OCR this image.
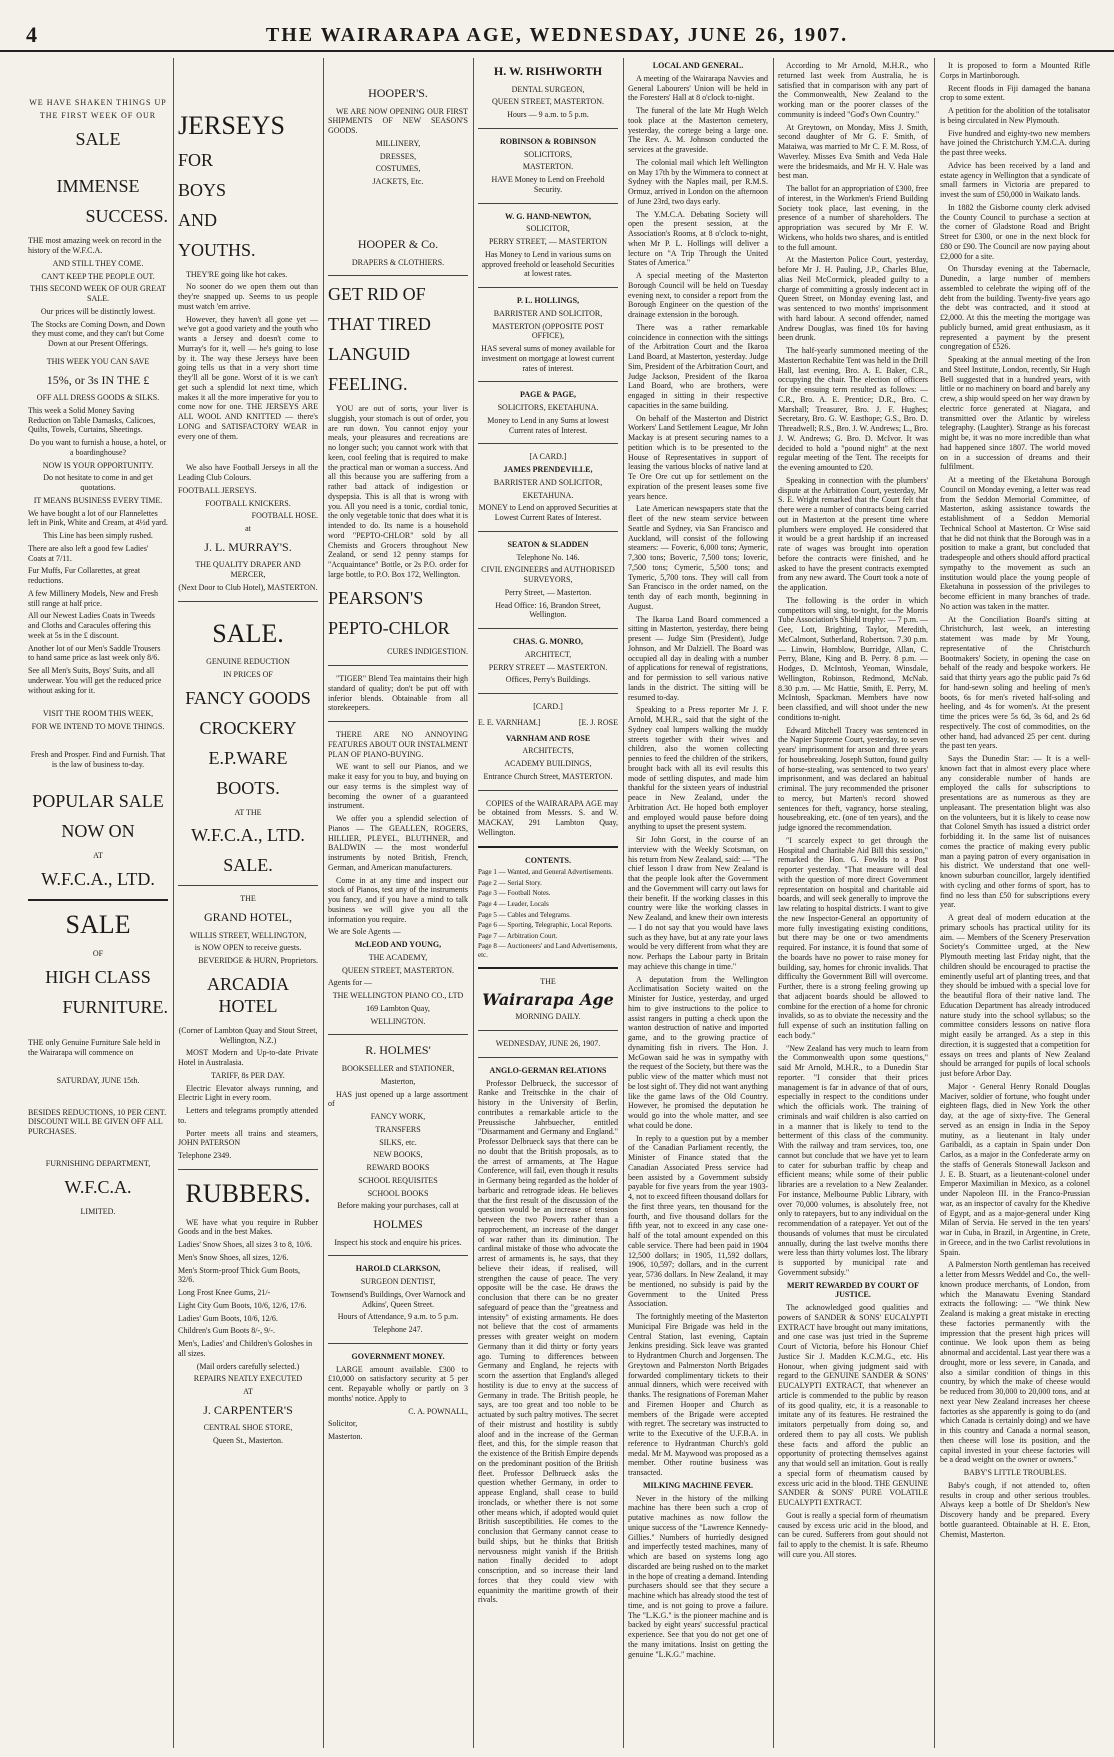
4	THE WAIRARAPA AGE, WEDNESDAY, JUNE 26, 1907.
WE HAVE SHAKEN THINGS UP
THE FIRST WEEK OF OUR
SALE
IMMENSE
SUCCESS.
THE most amazing week on record in the history of the W.F.C.A.
AND STILL THEY COME.
CAN'T KEEP THE PEOPLE OUT.
THIS SECOND WEEK OF OUR GREAT SALE.
Our prices will be distinctly lowest.
The Stocks are Coming Down, and Down they must come, and they can't but Come Down at our Present Offerings.
THIS WEEK YOU CAN SAVE
15%, or 3s IN THE £
OFF ALL DRESS GOODS & SILKS.
This week a Solid Money Saving Reduction on Table Damasks, Calicoes, Quilts, Towels, Curtains, Sheetings.
Do you want to furnish a house, a hotel, or a boardinghouse?
NOW IS YOUR OPPORTUNITY.
Do not hesitate to come in and get quotations.
IT MEANS BUSINESS EVERY TIME.
We have bought a lot of our Flannelettes left in Pink, White and Cream, at 4½d yard.
This Line has been simply rushed.
There are also left a good few Ladies' Coats at 7/11.
Fur Muffs, Fur Collarettes, at great reductions.
A few Millinery Models, New and Fresh still range at half price.
All our Newest Ladies Coats in Tweeds and Cloths and Caracules offering this week at 5s in the £ discount.
Another lot of our Men's Saddle Trousers to hand same price as last week only 8/6.
See all Men's Suits, Boys' Suits, and all underwear. You will get the reduced price without asking for it.
VISIT THE ROOM THIS WEEK,
FOR WE INTEND TO MOVE THINGS.
Fresh and Prosper. Find and Furnish. That is the law of business to-day.
POPULAR SALE
NOW ON
AT
W.F.C.A., LTD.
SALE
OF
HIGH CLASS
FURNITURE.
THE only Genuine Furniture Sale held in the Wairarapa will commence on
SATURDAY, JUNE 15th.
BESIDES REDUCTIONS, 10 PER CENT. DISCOUNT WILL BE GIVEN OFF ALL PURCHASES.
FURNISHING DEPARTMENT,
W.F.C.A.
LIMITED.
JERSEYS
FOR
BOYS
AND
YOUTHS.
THEY'RE going like hot cakes.
No sooner do we open them out than they're snapped up. Seems to us people must watch 'em arrive.
However, they haven't all gone yet — we've got a good variety and the youth who wants a Jersey and doesn't come to Murray's for it, well — he's going to lose by it. The way these Jerseys have been going tells us that in a very short time they'll all be gone. Worst of it is we can't get such a splendid lot next time, which makes it all the more imperative for you to come now for one. THE JERSEYS ARE ALL WOOL AND KNITTED — there's LONG and SATISFACTORY WEAR in every one of them.
We also have Football Jerseys in all the Leading Club Colours.
FOOTBALL JERSEYS.
FOOTBALL KNICKERS.
FOOTBALL HOSE.
at
J. L. MURRAY'S.
THE QUALITY DRAPER AND MERCER,
(Next Door to Club Hotel), MASTERTON.
SALE.
GENUINE REDUCTION
IN PRICES OF
FANCY GOODS
CROCKERY
E.P.WARE
BOOTS.
AT THE
W.F.C.A., LTD.
SALE.
THE
GRAND HOTEL,
WILLIS STREET, WELLINGTON,
is NOW OPEN to receive guests.
BEVERIDGE & HURN, Proprietors.
ARCADIA HOTEL
(Corner of Lambton Quay and Stout Street, Wellington, N.Z.)
MOST Modern and Up-to-date Private Hotel in Australasia.
TARIFF, 8s PER DAY.
Electric Elevator always running, and Electric Light in every room.
Letters and telegrams promptly attended to.
Porter meets all trains and steamers, JOHN PATERSON
Telephone 2349.
RUBBERS.
WE have what you require in Rubber Goods and in the best Makes.
Ladies' Snow Shoes, all sizes 3 to 8, 10/6.
Men's Snow Shoes, all sizes, 12/6.
Men's Storm-proof Thick Gum Boots, 32/6.
Long Frost Knee Gums, 21/-
Light City Gum Boots, 10/6, 12/6, 17/6.
Ladies' Gum Boots, 10/6, 12/6.
Children's Gum Boots 8/-, 9/-.
Men's, Ladies' and Children's Goloshes in all sizes.
(Mail orders carefully selected.)
REPAIRS NEATLY EXECUTED
AT
J. CARPENTER'S
CENTRAL SHOE STORE,
Queen St., Masterton.
HOOPER'S.
WE ARE NOW OPENING OUR FIRST SHIPMENTS OF NEW SEASON'S GOODS.
MILLINERY,
DRESSES,
COSTUMES,
JACKETS, Etc.
HOOPER & Co.
DRAPERS & CLOTHIERS.
GET RID OF
THAT TIRED
LANGUID
FEELING.
YOU are out of sorts, your liver is sluggish, your stomach is out of order, you are run down. You cannot enjoy your meals, your pleasures and recreations are no longer such; you cannot work with that keen, cool feeling that is required to make the practical man or woman a success. And all this because you are suffering from a rather bad attack of indigestion or dyspepsia. This is all that is wrong with you. All you need is a tonic, cordial tonic, the only vegetable tonic that does what it is intended to do. Its name is a household word "PEPTO-CHLOR" sold by all Chemists and Grocers throughout New Zealand, or send 12 penny stamps for "Acquaintance" Bottle, or 2s P.O. order for large bottle, to P.O. Box 172, Wellington.
PEARSON'S
PEPTO-CHLOR
CURES INDIGESTION.
"TIGER" Blend Tea maintains their high standard of quality; don't be put off with inferior blends. Obtainable from all storekeepers.
THERE ARE NO ANNOYING FEATURES ABOUT OUR INSTALMENT PLAN OF PIANO-BUYING.
WE want to sell our Pianos, and we make it easy for you to buy, and buying on our easy terms is the simplest way of becoming the owner of a guaranteed instrument.
We offer you a splendid selection of Pianos — The GEALLEN, ROGERS, HILLIER, PLEYEL, BLUTHNER, and BALDWIN — the most wonderful instruments by noted British, French, German, and American manufacturers.
Come in at any time and inspect our stock of Pianos, test any of the instruments you fancy, and if you have a mind to talk business we will give you all the information you require.
We are Sole Agents —
McLEOD AND YOUNG,
THE ACADEMY,
QUEEN STREET, MASTERTON.
Agents for —
THE WELLINGTON PIANO CO., LTD
169 Lambton Quay,
WELLINGTON.
R. HOLMES'
BOOKSELLER and STATIONER,
Masterton,
HAS just opened up a large assortment of
FANCY WORK,
TRANSFERS
SILKS, etc.
NEW BOOKS,
REWARD BOOKS
SCHOOL REQUISITES
SCHOOL BOOKS
Before making your purchases, call at
HOLMES
Inspect his stock and enquire his prices.
HAROLD CLARKSON,
SURGEON DENTIST,
Townsend's Buildings, Over Warnock and Adkins', Queen Street.
Hours of Attendance, 9 a.m. to 5 p.m.
Telephone 247.
GOVERNMENT MONEY.
LARGE amount available. £300 to £10,000 on satisfactory security at 5 per cent. Repayable wholly or partly on 3 months' notice. Apply to
C. A. POWNALL,
Solicitor,
Masterton.
H. W. RISHWORTH
DENTAL SURGEON,
QUEEN STREET, MASTERTON.
Hours — 9 a.m. to 5 p.m.
ROBINSON & ROBINSON
SOLICITORS,
MASTERTON.
HAVE Money to Lend on Freehold Security.
W. G. HAND-NEWTON,
SOLICITOR,
PERRY STREET, — MASTERTON
Has Money to Lend in various sums on approved freehold or leasehold Securities at lowest rates.
P. L. HOLLINGS,
BARRISTER AND SOLICITOR,
MASTERTON (OPPOSITE POST OFFICE),
HAS several sums of money available for investment on mortgage at lowest current rates of interest.
PAGE & PAGE,
SOLICITORS, EKETAHUNA.
Money to Lend in any Sums at lowest Current rates of Interest.
[A CARD.]
JAMES PRENDEVILLE,
BARRISTER AND SOLICITOR,
EKETAHUNA.
MONEY to Lend on approved Securities at Lowest Current Rates of Interest.
SEATON & SLADDEN
Telephone No. 146.
CIVIL ENGINEERS and AUTHORISED SURVEYORS,
Perry Street, — Masterton.
Head Office: 16, Brandon Street, Wellington.
CHAS. G. MONRO,
ARCHITECT,
PERRY STREET — MASTERTON.
Offices, Perry's Buildings.
[CARD.]
E. E. VARNHAM.]	[E. J. ROSE
VARNHAM AND ROSE
ARCHITECTS,
ACADEMY BUILDINGS,
Entrance Church Street, MASTERTON.
COPIES of the WAIRARAPA AGE may be obtained from Messrs. S. and W. MACKAY, 291 Lambton Quay, Wellington.
CONTENTS.
Page 1 — Wanted, and General Advertisements.
Page 2 — Serial Story.
Page 3 — Football Notes.
Page 4 — Leader, Locals
Page 5 — Cables and Telegrams.
Page 6 — Sporting, Telegraphic, Local Reports.
Page 7 — Arbitration Court.
Page 8 — Auctioneers' and Land Advertisements, etc.
THE
Wairarapa Age
MORNING DAILY.
WEDNESDAY, JUNE 26, 1907.
ANGLO-GERMAN RELATIONS
Professor Delbrueck, the successor of Ranke and Treitschke in the chair of history in the University of Berlin, contributes a remarkable article to the Preussische Jahrbuecher, entitled "Disarmament and Germany and England." Professor Delbrueck says that there can be no doubt that the British proposals, as to the arrest of armaments, at The Hague Conference, will fail, even though it results in Germany being regarded as the holder of barbaric and retrograde ideas. He believes that the first result of the discussion of the question would be an increase of tension between the two Powers rather than a rapprochement, an increase of the danger of war rather than its diminution. The cardinal mistake of those who advocate the arrest of armaments is, he says, that they believe their ideas, if realised, will strengthen the cause of peace. The very opposite will be the case. He draws the conclusion that there can be no greater safeguard of peace than the "greatness and intensity" of existing armaments. He does not believe that the cost of armaments presses with greater weight on modern Germany than it did thirty or forty years ago. Turning to differences between Germany and England, he rejects with scorn the assertion that England's alleged hostility is due to envy at the success of Germany in trade. The British people, he says, are too great and too noble to be actuated by such paltry motives. The secret of their mistrust and hostility is subtly aloof and in the increase of the German fleet, and this, for the simple reason that the existence of the British Empire depends on the predominant position of the British fleet. Professor Delbrueck asks the question whether Germany, in order to appease England, shall cease to build ironclads, or whether there is not some other means which, if adopted would quiet British susceptibilities. He comes to the conclusion that Germany cannot cease to build ships, but he thinks that British nervousness might vanish if the British nation finally decided to adopt conscription, and so increase their land forces that they could view with equanimity the maritime growth of their rivals.
LOCAL AND GENERAL.
A meeting of the Wairarapa Navvies and General Labourers' Union will be held in the Foresters' Hall at 8 o'clock to-night.
The funeral of the late Mr Hugh Welch took place at the Masterton cemetery, yesterday, the cortege being a large one. The Rev. A. M. Johnson conducted the services at the graveside.
The colonial mail which left Wellington on May 17th by the Wimmera to connect at Sydney with the Naples mail, per R.M.S. Ormuz, arrived in London on the afternoon of June 23rd, two days early.
The Y.M.C.A. Debating Society will open the present session, at the Association's Rooms, at 8 o'clock to-night, when Mr P. L. Hollings will deliver a lecture on "A Trip Through the United States of America."
A special meeting of the Masterton Borough Council will be held on Tuesday evening next, to consider a report from the Borough Engineer on the question of the drainage extension in the borough.
There was a rather remarkable coincidence in connection with the sittings of the Arbitration Court and the Ikaroa Land Board, at Masterton, yesterday. Judge Sim, President of the Arbitration Court, and Judge Jackson, President of the Ikaroa Land Board, who are brothers, were engaged in sitting in their respective capacities in the same building.
On behalf of the Masterton and District Workers' Land Settlement League, Mr John Mackay is at present securing names to a petition which is to be presented to the House of Representatives in support of leasing the various blocks of native land at Te Ore Ore cut up for settlement on the expiration of the present leases some five years hence.
Late American newspapers state that the fleet of the new steam service between Seattle and Sydney, via San Francisco and Auckland, will consist of the following steamers: — Foveric, 6,000 tons; Aymeric, 7,300 tons; Boveric, 7,500 tons; Ioveric, 7,500 tons; Cymeric, 5,500 tons; and Tymeric, 5,700 tons. They will call from San Francisco in the order named, on the tenth day of each month, beginning in August.
The Ikaroa Land Board commenced a sitting in Masterton, yesterday, there being present — Judge Sim (President), Judge Johnson, and Mr Dalziell. The Board was occupied all day in dealing with a number of applications for renewal of registrations, and for permission to sell various native lands in the district. The sitting will be resumed to-day.
Speaking to a Press reporter Mr J. F. Arnold, M.H.R., said that the sight of the Sydney coal lumpers walking the muddy streets together with their wives and children, also the women collecting pennies to feed the children of the strikers, brought back with all its evil results this mode of settling disputes, and made him thankful for the sixteen years of industrial peace in New Zealand, under the Arbitration Act. He hoped both employer and employed would pause before doing anything to upset the present system.
Sir John Gorst, in the course of an interview with the Weekly Scotsman, on his return from New Zealand, said: — "The chief lesson I draw from New Zealand is that the people look after the Government and the Government will carry out laws for their benefit. If the working classes in this country were like the working classes in New Zealand, and knew their own interests — I do not say that you would have laws such as they have, but at any rate your laws would be very different from what they are now. Perhaps the Labour party in Britain may achieve this change in time."
A deputation from the Wellington Acclimatisation Society waited on the Minister for Justice, yesterday, and urged him to give instructions to the police to assist rangers in putting a check upon the wanton destruction of native and imported game, and to the growing practice of dynamiting fish in rivers. The Hon. J. McGowan said he was in sympathy with the request of the Society, but there was the public view of the matter which must not be lost sight of. They did not want anything like the game laws of the Old Country. However, he promised the deputation he would go into the whole matter, and see what could be done.
In reply to a question put by a member of the Canadian Parliament recently, the Minister of Finance stated that the Canadian Associated Press service had been assisted by a Government subsidy payable for five years from the year 1903-4, not to exceed fifteen thousand dollars for the first three years, ten thousand for the fourth, and five thousand dollars for the fifth year, not to exceed in any case one-half of the total amount expended on this cable service. There had been paid in 1904 12,500 dollars; in 1905, 11,592 dollars, 1906, 10,597; dollars, and in the current year, 5736 dollars. In New Zealand, it may be mentioned, no subsidy is paid by the Government to the United Press Association.
The fortnightly meeting of the Masterton Municipal Fire Brigade was held in the Central Station, last evening, Captain Jenkins presiding. Sick leave was granted to Hydrantmen Church and Jorgensen. The Greytown and Palmerston North Brigades forwarded complimentary tickets to their annual dinners, which were received with thanks. The resignations of Foreman Maher and Firemen Hooper and Church as members of the Brigade were accepted with regret. The secretary was instructed to write to the Executive of the U.F.B.A. in reference to Hydrantman Church's gold medal. Mr M. Maywood was proposed as a member. Other routine business was transacted.
MILKING MACHINE FEVER.
Never in the history of the milking machine has there been such a crop of putative machines as now follow the unique success of the "Lawrence Kennedy-Gillies." Numbers of hurriedly designed and imperfectly tested machines, many of which are based on systems long ago discarded are being rushed on to the market in the hope of creating a demand. Intending purchasers should see that they secure a machine which has already stood the test of time, and is not going to prove a failure. The "L.K.G." is the pioneer machine and is backed by eight years' successful practical experience. See that you do not get one of the many imitations. Insist on getting the genuine "L.K.G." machine.
According to Mr Arnold, M.H.R., who returned last week from Australia, he is satisfied that in comparison with any part of the Commonwealth, New Zealand to the working man or the poorer classes of the community is indeed "God's Own Country."
At Greytown, on Monday, Miss J. Smith, second daughter of Mr G. F. Smith, of Mataiwa, was married to Mr C. F. M. Ross, of Waverley. Misses Eva Smith and Veda Hale were the bridesmaids, and Mr H. V. Hale was best man.
The ballot for an appropriation of £300, free of interest, in the Workmen's Friend Building Society took place, last evening, in the presence of a number of shareholders. The appropriation was secured by Mr F. W. Wickens, who holds two shares, and is entitled to the full amount.
At the Masterton Police Court, yesterday, before Mr J. H. Pauling, J.P., Charles Blue, alias Neil McCormick, pleaded guilty to a charge of committing a grossly indecent act in Queen Street, on Monday evening last, and was sentenced to two months' imprisonment with hard labour. A second offender, named Andrew Douglas, was fined 10s for having been drunk.
The half-yearly summoned meeting of the Masterton Rechabite Tent was held in the Drill Hall, last evening, Bro. A. E. Baker, C.R., occupying the chair. The election of officers for the ensuing term resulted as follows: — C.R., Bro. A. E. Prentice; D.R., Bro. C. Marshall; Treasurer, Bro. J. F. Hughes; Secretary, Bro. G. W. Easthope; G.S., Bro. D. Threadwell; R.S., Bro. J. W. Andrews; L., Bro. J. W. Andrews; G. Bro. D. McIvor. It was decided to hold a "pound night" at the next regular meeting of the Tent. The receipts for the evening amounted to £20.
Speaking in connection with the plumbers' dispute at the Arbitration Court, yesterday, Mr S. E. Wright remarked that the Court felt that there were a number of contracts being carried out in Masterton at the present time where plumbers were employed. He considered that it would be a great hardship if an increased rate of wages was brought into operation before the contracts were finished, and he asked to have the present contracts exempted from any new award. The Court took a note of the application.
The following is the order in which competitors will sing, to-night, for the Morris Tube Association's Shield trophy: — 7 p.m. — Gee, Lott, Brighting, Taylor, Meredith, McCalmont, Sutherland, Robertson. 7.30 p.m. — Linwin, Hornblow, Burridge, Allan, C. Perry, Blane, King and B. Perry. 8 p.m. — Hodges, D. McIntosh, Yeoman, Winsdale, Wellington, Robinson, Redmond, McNab. 8.30 p.m. — Mc Hattie, Smith, E. Perry, M. McIntosh, Spackman. Members have now been classified, and will shoot under the new conditions to-night.
Edward Mitchell Tracey was sentenced in the Napier Supreme Court, yesterday, to seven years' imprisonment for arson and three years for housebreaking. Joseph Sutton, found guilty of horse-stealing, was sentenced to two years' imprisonment, and was declared an habitual criminal. The jury recommended the prisoner to mercy, but Marten's record showed sentences for theft, vagrancy, horse stealing, housebreaking, etc. (one of ten years), and the judge ignored the recommendation.
"I scarcely expect to get through the Hospital and Charitable Aid Bill this session," remarked the Hon. G. Fowlds to a Post reporter yesterday. "That measure will deal with the question of more direct Government representation on hospital and charitable aid boards, and will seek generally to improve the law relating to hospital districts. I want to give the new Inspector-General an opportunity of more fully investigating existing conditions, but there may be one or two amendments required. For instance, it is found that some of the boards have no power to raise money for building, say, homes for chronic invalids. That difficulty the Government Bill will overcome. Further, there is a strong feeling growing up that adjacent boards should be allowed to combine for the erection of a home for chronic invalids, so as to obviate the necessity and the full expense of such an institution falling on each body."
"New Zealand has very much to learn from the Commonwealth upon some questions," said Mr Arnold, M.H.R., to a Dunedin Star reporter. "I consider that their prices management is far in advance of that of ours, especially in respect to the conditions under which the officials work. The training of criminals and waif children is also carried on in a manner that is likely to tend to the betterment of this class of the community. With the railway and tram services, too, one cannot but conclude that we have yet to learn to cater for suburban traffic by cheap and efficient means; while some of their public libraries are a revelation to a New Zealander. For instance, Melbourne Public Library, with over 70,000 volumes, is absolutely free, not only to ratepayers, but to any individual on the recommendation of a ratepayer. Yet out of the thousands of volumes that must be circulated annually, during the last twelve months there were less than thirty volumes lost. The library is supported by municipal rate and Government subsidy."
MERIT REWARDED BY COURT OF JUSTICE.
The acknowledged good qualities and powers of SANDER & SONS' EUCALYPTI EXTRACT have brought out many imitations, and one case was just tried in the Supreme Court of Victoria, before his Honour Chief Justice Sir J. Madden K.C.M.G., etc. His Honour, when giving judgment said with regard to the GENUINE SANDER & SONS' EUCALYPTI EXTRACT, that whenever an article is commended to the public by reason of its good quality, etc, it is a reasonable to imitate any of its features. He restrained the imitators perpetually from doing so, and ordered them to pay all costs. We publish these facts and afford the public an opportunity of protecting themselves against any that would sell an imitation. Gout is really a special form of rheumatism caused by excess uric acid in the blood. THE GENUINE SANDER & SONS' PURE VOLATILE EUCALYPTI EXTRACT.
Gout is really a special form of rheumatism caused by excess uric acid in the blood, and can be cured. Sufferers from gout should not fail to apply to the chemist. It is safe. Rheumo will cure you. All stores.
It is proposed to form a Mounted Rifle Corps in Martinborough.
Recent floods in Fiji damaged the banana crop to some extent.
A petition for the abolition of the totalisator is being circulated in New Plymouth.
Five hundred and eighty-two new members have joined the Christchurch Y.M.C.A. during the past three weeks.
Advice has been received by a land and estate agency in Wellington that a syndicate of small farmers in Victoria are prepared to invest the sum of £50,000 in Waikato lands.
In 1882 the Gisborne county clerk advised the County Council to purchase a section at the corner of Gladstone Road and Bright Street for £300, or one in the next block for £80 or £90. The Council are now paying about £2,000 for a site.
On Thursday evening at the Tabernacle, Dunedin, a large number of members assembled to celebrate the wiping off of the debt from the building. Twenty-five years ago the debt was contracted, and it stood at £2,000. At this the meeting the mortgage was publicly burned, amid great enthusiasm, as it represented a payment by the present congregation of £526.
Speaking at the annual meeting of the Iron and Steel Institute, London, recently, Sir Hugh Bell suggested that in a hundred years, with little or no machinery on board and barely any crew, a ship would speed on her way drawn by electric force generated at Niagara, and transmitted over the Atlantic by wireless telegraphy. (Laughter). Strange as his forecast might be, it was no more incredible than what had happened since 1807. The world moved on in a succession of dreams and their fulfilment.
At a meeting of the Eketahuna Borough Council on Monday evening, a letter was read from the Seddon Memorial Committee, of Masterton, asking assistance towards the establishment of a Seddon Memorial Technical School at Masterton. Cr Wise said that he did not think that the Borough was in a position to make a grant, but concluded that tradespeople and others should afford practical sympathy to the movement as such an institution would place the young people of Eketahuna in possession of the privileges to become efficient in many branches of trade. No action was taken in the matter.
At the Conciliation Board's sitting at Christchurch, last week, an interesting statement was made by Mr Young, representative of the Christchurch Bootmakers' Society, in opening the case on behalf of the ready and bespoke workers. He said that thirty years ago the public paid 7s 6d for hand-sewn soling and heeling of men's boots, 6s for men's riveted half-soling and heeling, and 4s for women's. At the present time the prices were 5s 6d, 3s 6d, and 2s 6d respectively. The cost of commodities, on the other hand, had advanced 25 per cent. during the past ten years.
Says the Dunedin Star: — It is a well-known fact that in almost every place where any considerable number of hands are employed the calls for subscriptions to presentations are as numerous as they are unpleasant. The presentation blight was also on the volunteers, but it is likely to cease now that Colonel Smyth has issued a district order forbidding it. In the same list of nuisances comes the practice of making every public man a paying patron of every organisation in his district. We understand that one well-known suburban councillor, largely identified with cycling and other forms of sport, has to find no less than £50 for subscriptions every year.
A great deal of modern education at the primary schools has practical utility for its aim. — Members of the Scenery Preservation Society's Committee urged, at the New Plymouth meeting last Friday night, that the children should be encouraged to practise the eminently useful art of planting trees, and that they should be imbued with a special love for the beautiful flora of their native land. The Education Department has already introduced nature study into the school syllabus; so the committee considers lessons on native flora might easily be arranged. As a step in this direction, it is suggested that a competition for essays on trees and plants of New Zealand should be arranged for pupils of local schools just before Arbor Day.
Major - General Henry Ronald Douglas Maciver, soldier of fortune, who fought under eighteen flags, died in New York the other day, at the age of sixty-five. The General served as an ensign in India in the Sepoy mutiny, as a lieutenant in Italy under Garibaldi, as a captain in Spain under Don Carlos, as a major in the Confederate army on the staffs of Generals Stonewall Jackson and J. E. B. Stuart, as a lieutenant-colonel under Emperor Maximilian in Mexico, as a colonel under Napoleon III. in the Franco-Prussian war, as an inspector of cavalry for the Khedive of Egypt, and as a major-general under King Milan of Servia. He served in the ten years' war in Cuba, in Brazil, in Argentine, in Crete, in Greece, and in the two Carlist revolutions in Spain.
A Palmerston North gentleman has received a letter from Messrs Weddel and Co., the well-known produce merchants, of London, from which the Manawatu Evening Standard extracts the following: — "We think New Zealand is making a great mistake in erecting these factories permanently with the impression that the present high prices will continue. We look upon them as being abnormal and accidental. Last year there was a drought, more or less severe, in Canada, and also a similar condition of things in this country, by which the make of cheese would be reduced from 30,000 to 20,000 tons, and at next year New Zealand increases her cheese factories as she apparently is going to do (and which Canada is certainly doing) and we have in this country and Canada a normal season, then cheese will lose its position, and the capital invested in your cheese factories will be a dead weight on the owner or owners."
BABY'S LITTLE TROUBLES.
Baby's cough, if not attended to, often results in croup and other serious troubles. Always keep a bottle of Dr Sheldon's New Discovery handy and be prepared. Every bottle guaranteed. Obtainable at H. E. Eton, Chemist, Masterton.
